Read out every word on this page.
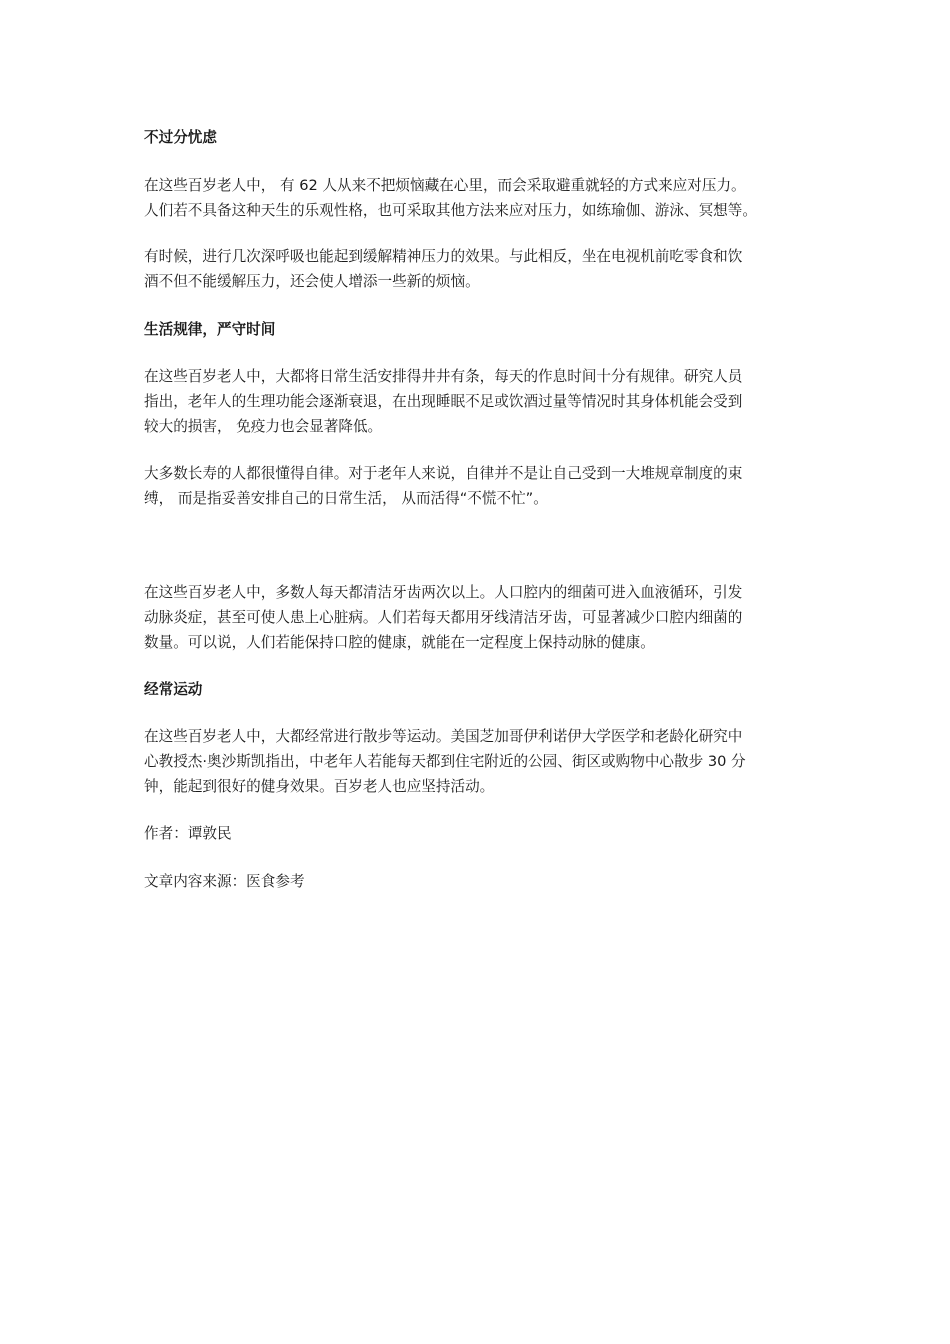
不过分忧虑

在这些百岁老人中， 有 62 人从来不把烦恼藏在心里，而会采取避重就轻的方式来应对压力。
人们若不具备这种天生的乐观性格，也可采取其他方法来应对压力，如练瑜伽、游泳、冥想等。

有时候，进行几次深呼吸也能起到缓解精神压力的效果。与此相反，坐在电视机前吃零食和饮
酒不但不能缓解压力，还会使人增添一些新的烦恼。

生活规律，严守时间

在这些百岁老人中，大都将日常生活安排得井井有条，每天的作息时间十分有规律。研究人员
指出，老年人的生理功能会逐渐衰退，在出现睡眠不足或饮酒过量等情况时其身体机能会受到
较大的损害， 免疫力也会显著降低。

大多数长寿的人都很懂得自律。对于老年人来说，自律并不是让自己受到一大堆规章制度的束
缚， 而是指妥善安排自己的日常生活， 从而活得“不慌不忙”。

在这些百岁老人中，多数人每天都清洁牙齿两次以上。人口腔内的细菌可进入血液循环，引发
动脉炎症，甚至可使人患上心脏病。人们若每天都用牙线清洁牙齿，可显著减少口腔内细菌的
数量。可以说，人们若能保持口腔的健康，就能在一定程度上保持动脉的健康。

经常运动

在这些百岁老人中，大都经常进行散步等运动。美国芝加哥伊利诺伊大学医学和老龄化研究中
心教授杰·奥沙斯凯指出，中老年人若能每天都到住宅附近的公园、街区或购物中心散步 30 分
钟，能起到很好的健身效果。百岁老人也应坚持活动。

作者：谭敦民

文章内容来源：医食参考
